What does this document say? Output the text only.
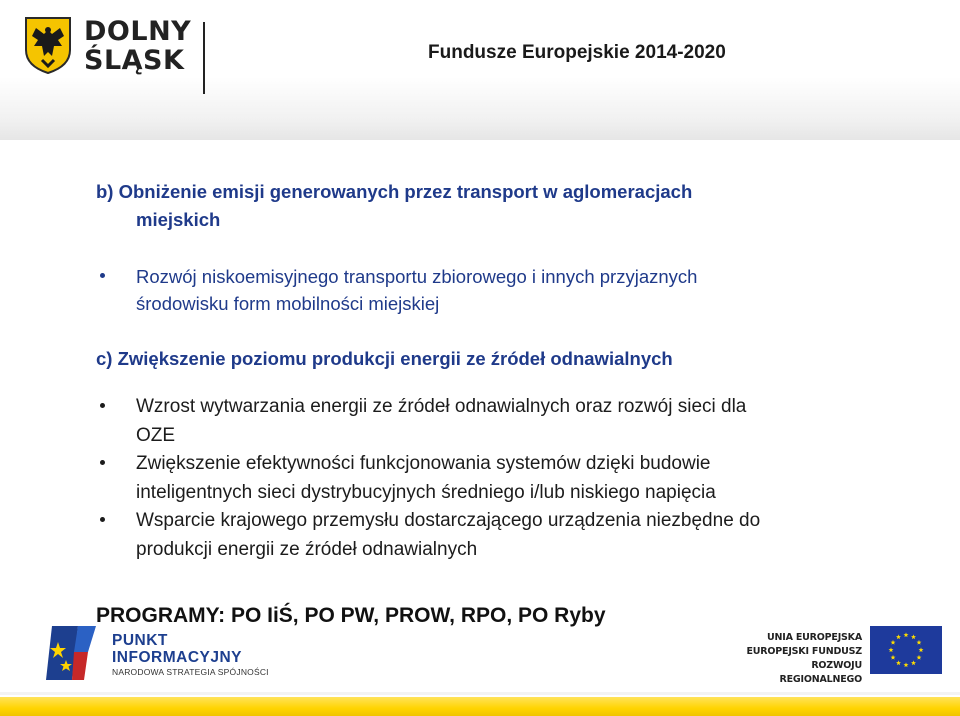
DOLNY
ŚLĄSK	Fundusze Europejskie 2014-2020

b) Obniżenie emisji generowanych przez transport w aglomeracjach
miejskich

Rozwój niskoemisyjnego transportu zbiorowego i innych przyjaznych
środowisku form mobilności miejskiej

c) Zwiększenie poziomu produkcji energii ze źródeł odnawialnych

Wzrost wytwarzania energii ze źródeł odnawialnych oraz rozwój sieci dla
OZE
Zwiększenie efektywności funkcjonowania systemów dzięki budowie
inteligentnych sieci dystrybucyjnych średniego i/lub niskiego napięcia
Wsparcie krajowego przemysłu dostarczającego urządzenia niezbędne do
produkcji energii ze źródeł odnawialnych
PROGRAMY: PO IiŚ, PO PW, PROW, RPO, PO Ryby
PUNKT
INFORMACYJNY
NARODOWA STRATEGIA SPÓJNOŚCI
UNIA EUROPEJSKA
EUROPEJSKI FUNDUSZ
ROZWOJU REGIONALNEGO
